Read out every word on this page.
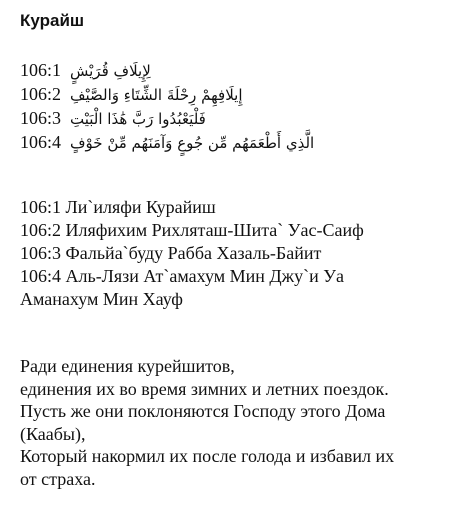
Курайш
106:1 لِإِيلَافِ قُرَيْشٍ
106:2 إِيلَافِهِمْ رِحْلَةَ الشِّتَاءِ وَالصَّيْفِ
106:3 فَلْيَعْبُدُوا رَبَّ هَٰذَا الْبَيْتِ
106:4 الَّذِي أَطْعَمَهُم مِّن جُوعٍ وَآمَنَهُم مِّنْ خَوْفٍ
106:1 Ли`иляфи Курайиш
106:2 Иляфихим Рихляташ-Шита` Уас-Саиф
106:3 Фальйа`буду Рабба Хазаль-Байит
106:4 Аль-Лязи Ат`амахум Мин Джу`и Уа
Аманахум Мин Хауф
Ради единения курейшитов,
единения их во время зимних и летних поездок.
Пусть же они поклоняются Господу этого Дома
(Каабы),
Который накормил их после голода и избавил их
от страха.
